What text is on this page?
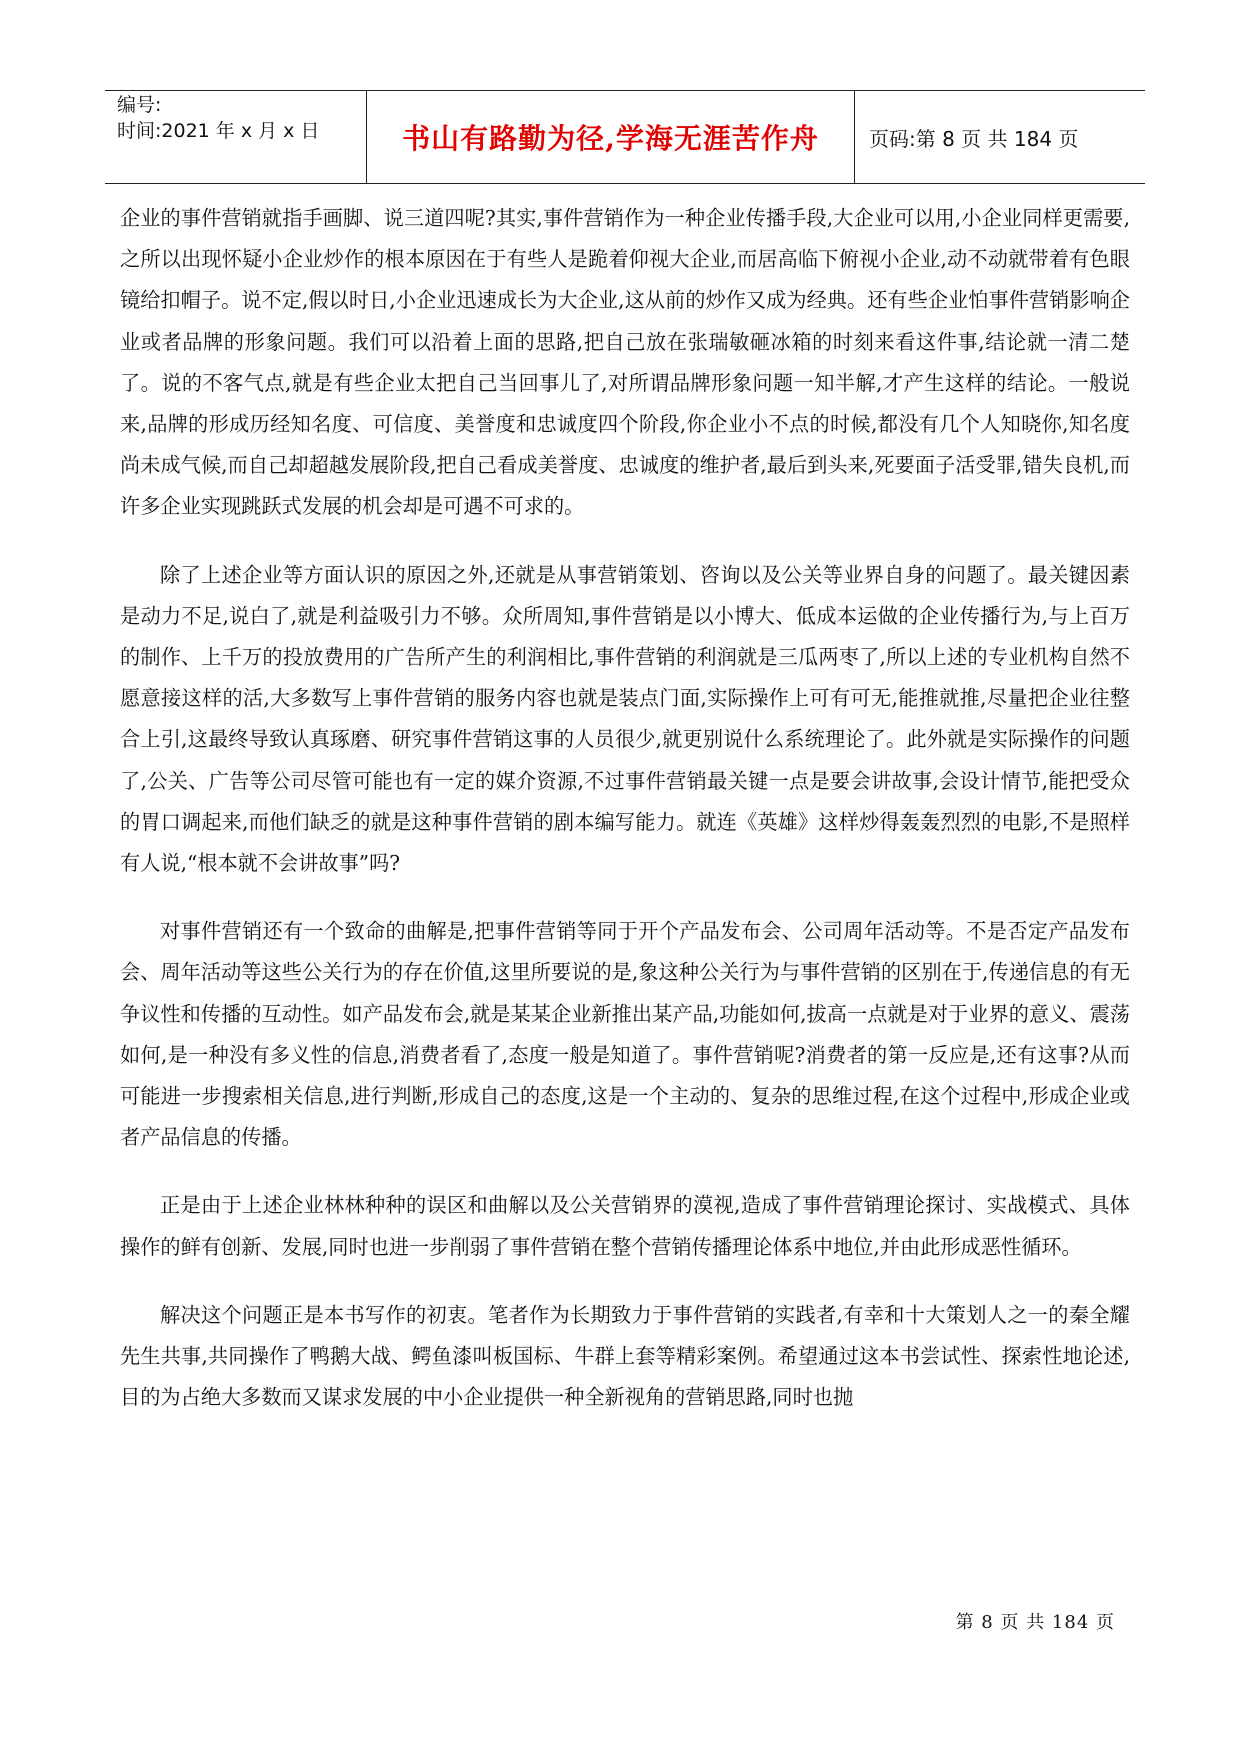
编号:
时间:2021 年 x 月 x 日	书山有路勤为径,学海无涯苦作舟	页码:第 8 页 共 184 页

企业的事件营销就指手画脚、说三道四呢?其实,事件营销作为一种企业传播手段,大企业可以用,小企业同样更需要,之所以出现怀疑小企业炒作的根本原因在于有些人是跪着仰视大企业,而居高临下俯视小企业,动不动就带着有色眼镜给扣帽子。说不定,假以时日,小企业迅速成长为大企业,这从前的炒作又成为经典。还有些企业怕事件营销影响企业或者品牌的形象问题。我们可以沿着上面的思路,把自己放在张瑞敏砸冰箱的时刻来看这件事,结论就一清二楚了。说的不客气点,就是有些企业太把自己当回事儿了,对所谓品牌形象问题一知半解,才产生这样的结论。一般说来,品牌的形成历经知名度、可信度、美誉度和忠诚度四个阶段,你企业小不点的时候,都没有几个人知晓你,知名度尚未成气候,而自己却超越发展阶段,把自己看成美誉度、忠诚度的维护者,最后到头来,死要面子活受罪,错失良机,而许多企业实现跳跃式发展的机会却是可遇不可求的。

除了上述企业等方面认识的原因之外,还就是从事营销策划、咨询以及公关等业界自身的问题了。最关键因素是动力不足,说白了,就是利益吸引力不够。众所周知,事件营销是以小博大、低成本运做的企业传播行为,与上百万的制作、上千万的投放费用的广告所产生的利润相比,事件营销的利润就是三瓜两枣了,所以上述的专业机构自然不愿意接这样的活,大多数写上事件营销的服务内容也就是装点门面,实际操作上可有可无,能推就推,尽量把企业往整合上引,这最终导致认真琢磨、研究事件营销这事的人员很少,就更别说什么系统理论了。此外就是实际操作的问题了,公关、广告等公司尽管可能也有一定的媒介资源,不过事件营销最关键一点是要会讲故事,会设计情节,能把受众的胃口调起来,而他们缺乏的就是这种事件营销的剧本编写能力。就连《英雄》这样炒得轰轰烈烈的电影,不是照样有人说,“根本就不会讲故事”吗?

对事件营销还有一个致命的曲解是,把事件营销等同于开个产品发布会、公司周年活动等。不是否定产品发布会、周年活动等这些公关行为的存在价值,这里所要说的是,象这种公关行为与事件营销的区别在于,传递信息的有无争议性和传播的互动性。如产品发布会,就是某某企业新推出某产品,功能如何,拔高一点就是对于业界的意义、震荡如何,是一种没有多义性的信息,消费者看了,态度一般是知道了。事件营销呢?消费者的第一反应是,还有这事?从而可能进一步搜索相关信息,进行判断,形成自己的态度,这是一个主动的、复杂的思维过程,在这个过程中,形成企业或者产品信息的传播。

正是由于上述企业林林种种的误区和曲解以及公关营销界的漠视,造成了事件营销理论探讨、实战模式、具体操作的鲜有创新、发展,同时也进一步削弱了事件营销在整个营销传播理论体系中地位,并由此形成恶性循环。

解决这个问题正是本书写作的初衷。笔者作为长期致力于事件营销的实践者,有幸和十大策划人之一的秦全耀先生共事,共同操作了鸭鹅大战、鳄鱼漆叫板国标、牛群上套等精彩案例。希望通过这本书尝试性、探索性地论述,目的为占绝大多数而又谋求发展的中小企业提供一种全新视角的营销思路,同时也抛

第 8 页 共 184 页
